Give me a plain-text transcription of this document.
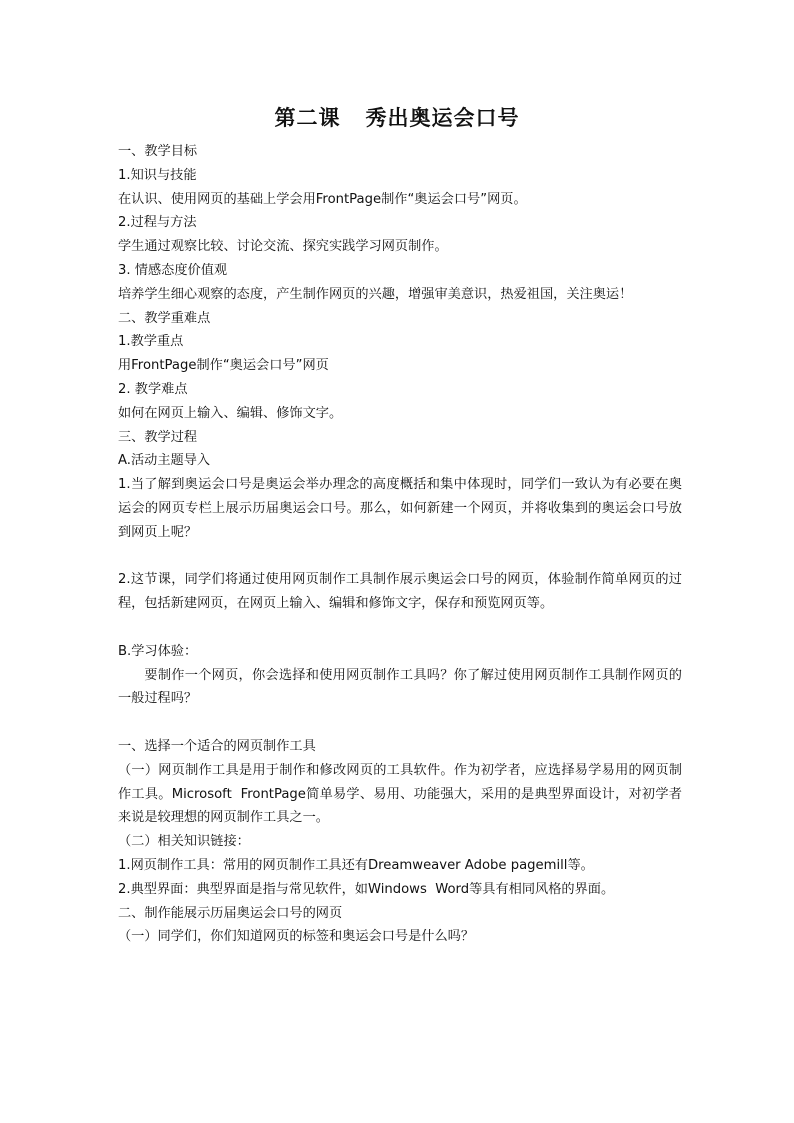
第二课   秀出奥运会口号

一、教学目标

1.知识与技能

在认识、使用网页的基础上学会用FrontPage制作“奥运会口号”网页。

2.过程与方法

学生通过观察比较、讨论交流、探究实践学习网页制作。

3. 情感态度价值观

培养学生细心观察的态度，产生制作网页的兴趣，增强审美意识，热爱祖国，关注奥运！

二、教学重难点

1.教学重点

用FrontPage制作“奥运会口号”网页

2. 教学难点

如何在网页上输入、编辑、修饰文字。

三、教学过程

A.活动主题导入

1.当了解到奥运会口号是奥运会举办理念的高度概括和集中体现时，同学们一致认为有必要在奥运会的网页专栏上展示历届奥运会口号。那么，如何新建一个网页，并将收集到的奥运会口号放到网页上呢？

2.这节课，同学们将通过使用网页制作工具制作展示奥运会口号的网页，体验制作简单网页的过程，包括新建网页，在网页上输入、编辑和修饰文字，保存和预览网页等。

B.学习体验：

要制作一个网页，你会选择和使用网页制作工具吗？你了解过使用网页制作工具制作网页的一般过程吗？

一、选择一个适合的网页制作工具

（一）网页制作工具是用于制作和修改网页的工具软件。作为初学者，应选择易学易用的网页制作工具。Microsoft  FrontPage简单易学、易用、功能强大，采用的是典型界面设计，对初学者来说是较理想的网页制作工具之一。

（二）相关知识链接：

1.网页制作工具：常用的网页制作工具还有Dreamweaver Adobe pagemill等。

2.典型界面：典型界面是指与常见软件，如Windows  Word等具有相同风格的界面。

二、制作能展示历届奥运会口号的网页

（一）同学们，你们知道网页的标签和奥运会口号是什么吗？
